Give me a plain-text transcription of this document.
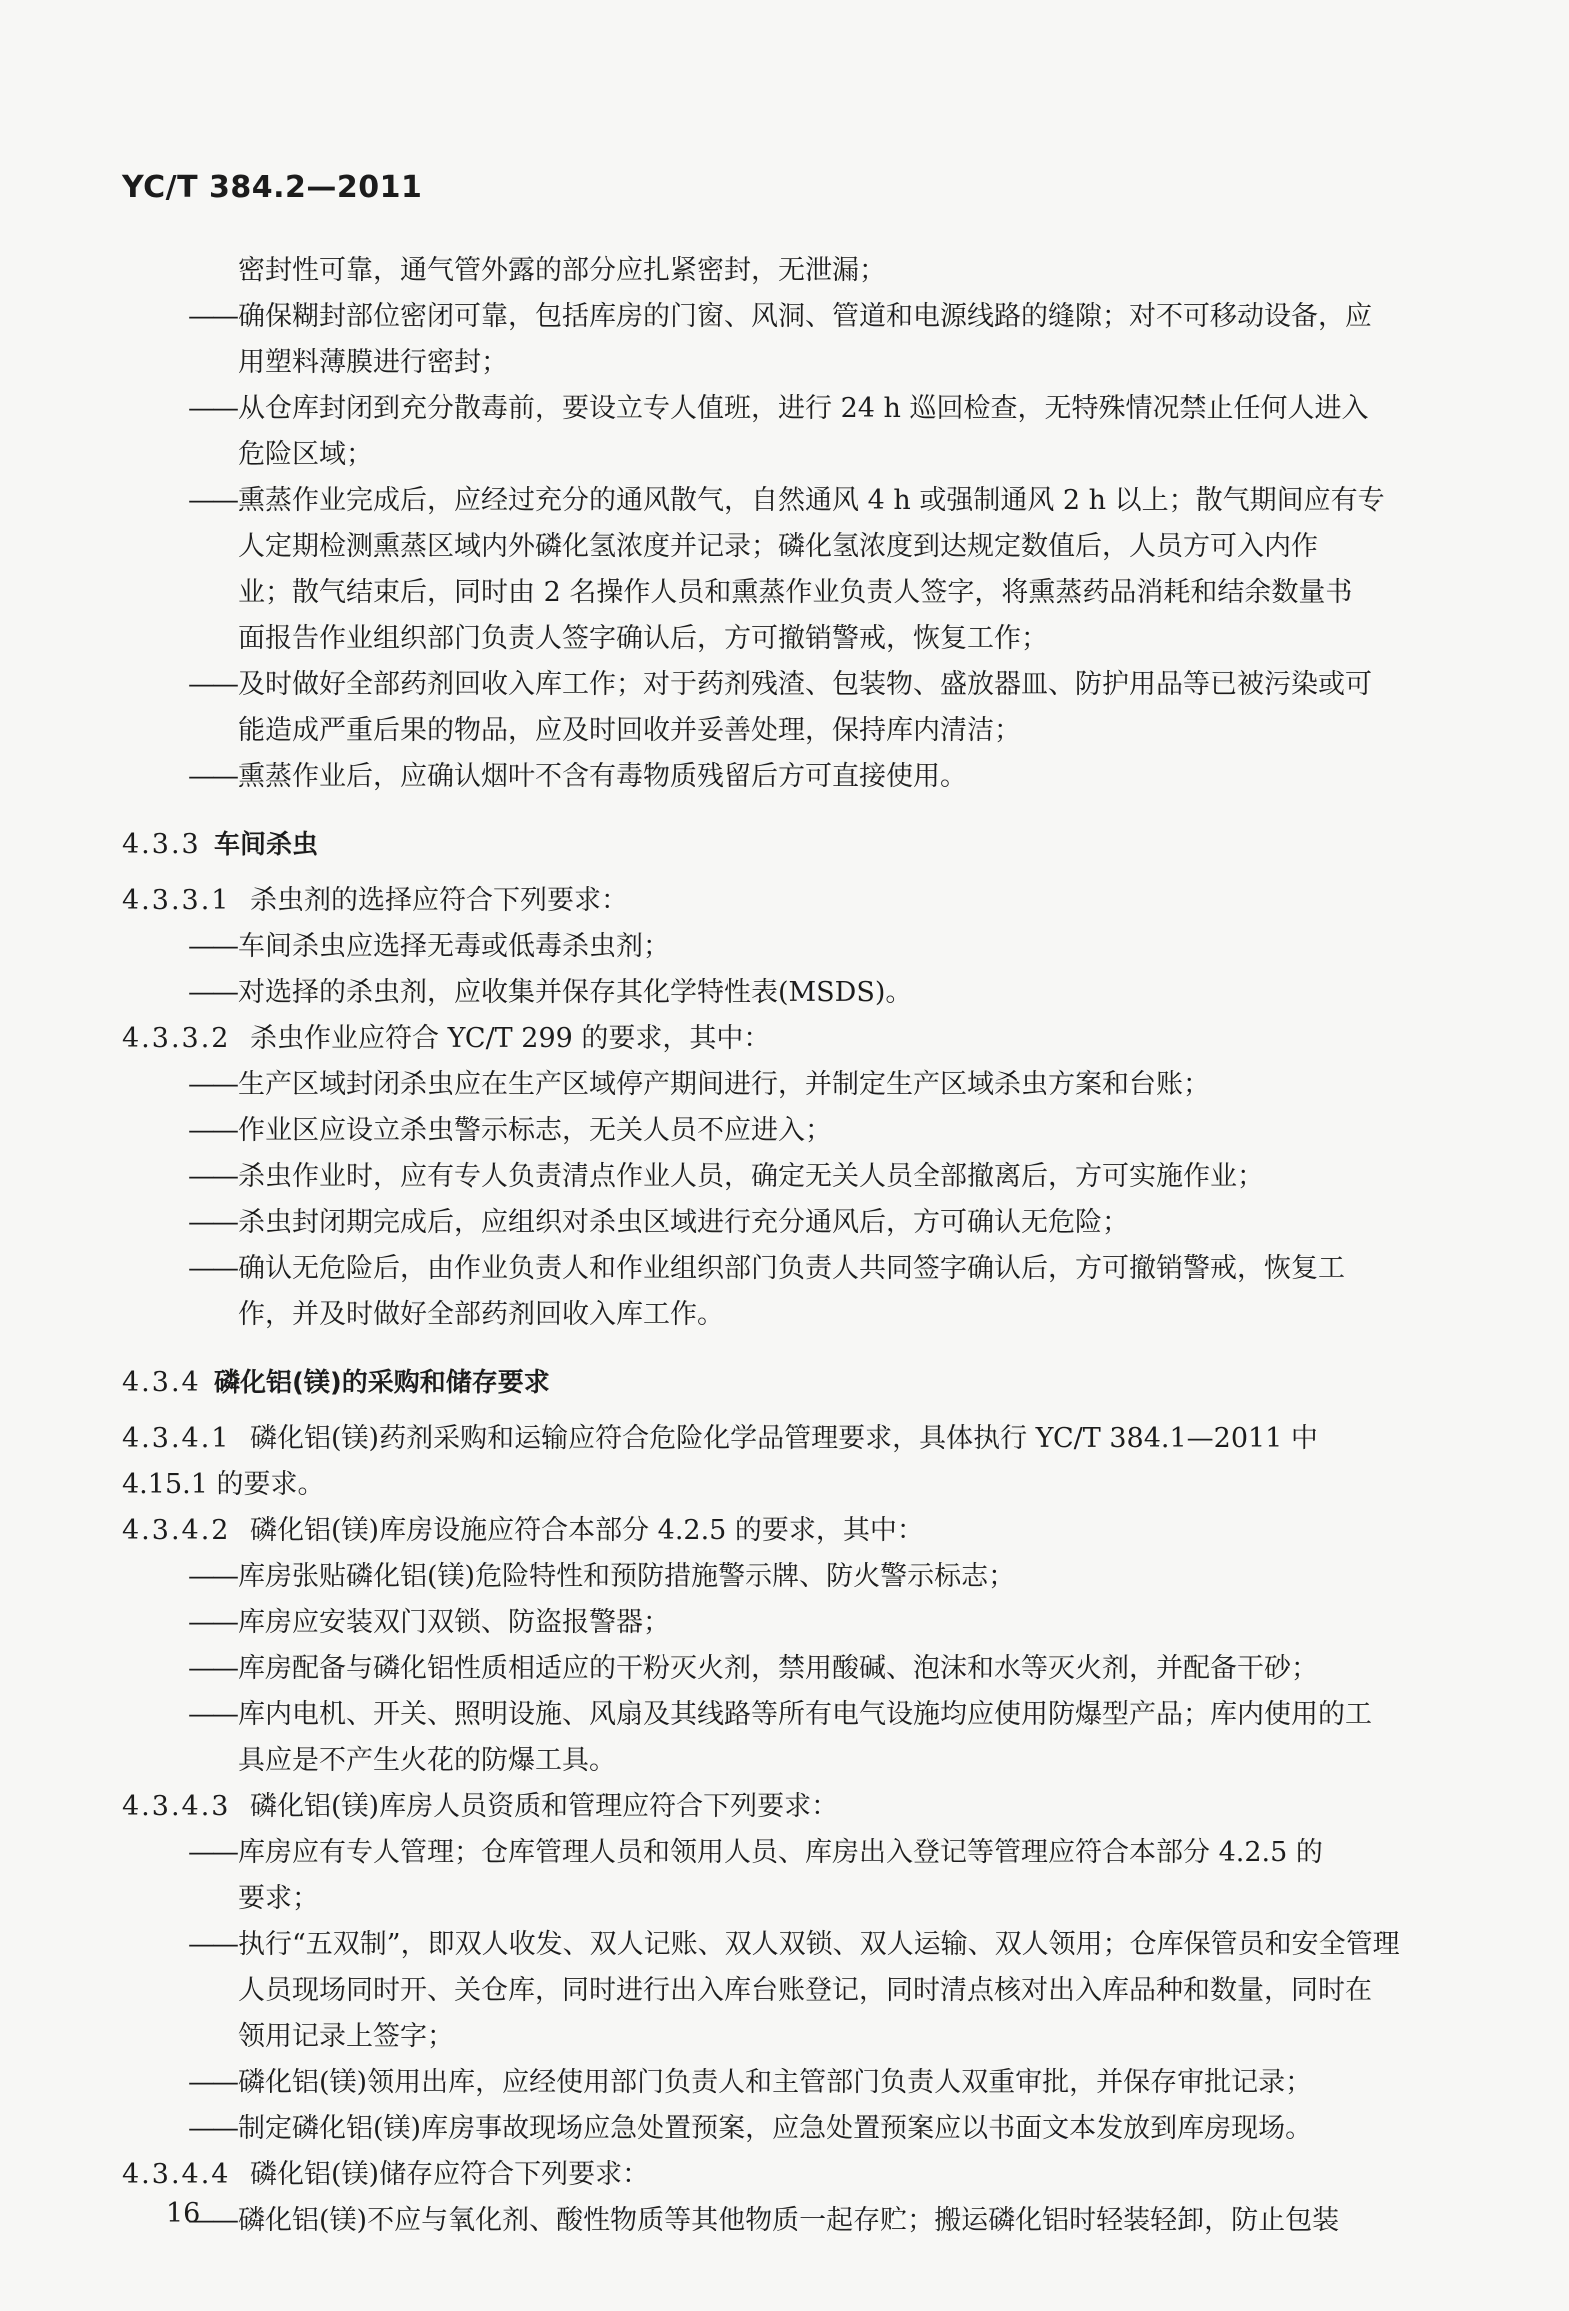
YC/T 384.2—2011
密封性可靠，通气管外露的部分应扎紧密封，无泄漏；
——确保糊封部位密闭可靠，包括库房的门窗、风洞、管道和电源线路的缝隙；对不可移动设备，应
用塑料薄膜进行密封；
——从仓库封闭到充分散毒前，要设立专人值班，进行 24 h 巡回检查，无特殊情况禁止任何人进入
危险区域；
——熏蒸作业完成后，应经过充分的通风散气，自然通风 4 h 或强制通风 2 h 以上；散气期间应有专
人定期检测熏蒸区域内外磷化氢浓度并记录；磷化氢浓度到达规定数值后，人员方可入内作
业；散气结束后，同时由 2 名操作人员和熏蒸作业负责人签字，将熏蒸药品消耗和结余数量书
面报告作业组织部门负责人签字确认后，方可撤销警戒，恢复工作；
——及时做好全部药剂回收入库工作；对于药剂残渣、包装物、盛放器皿、防护用品等已被污染或可
能造成严重后果的物品，应及时回收并妥善处理，保持库内清洁；
——熏蒸作业后，应确认烟叶不含有毒物质残留后方可直接使用。
4.3.3 车间杀虫
4.3.3.1 杀虫剂的选择应符合下列要求：
——车间杀虫应选择无毒或低毒杀虫剂；
——对选择的杀虫剂，应收集并保存其化学特性表(MSDS)。
4.3.3.2 杀虫作业应符合 YC/T 299 的要求，其中：
——生产区域封闭杀虫应在生产区域停产期间进行，并制定生产区域杀虫方案和台账；
——作业区应设立杀虫警示标志，无关人员不应进入；
——杀虫作业时，应有专人负责清点作业人员，确定无关人员全部撤离后，方可实施作业；
——杀虫封闭期完成后，应组织对杀虫区域进行充分通风后，方可确认无危险；
——确认无危险后，由作业负责人和作业组织部门负责人共同签字确认后，方可撤销警戒，恢复工
作，并及时做好全部药剂回收入库工作。
4.3.4 磷化铝(镁)的采购和储存要求
4.3.4.1 磷化铝(镁)药剂采购和运输应符合危险化学品管理要求，具体执行 YC/T 384.1—2011 中
4.15.1 的要求。
4.3.4.2 磷化铝(镁)库房设施应符合本部分 4.2.5 的要求，其中：
——库房张贴磷化铝(镁)危险特性和预防措施警示牌、防火警示标志；
——库房应安装双门双锁、防盗报警器；
——库房配备与磷化铝性质相适应的干粉灭火剂，禁用酸碱、泡沫和水等灭火剂，并配备干砂；
——库内电机、开关、照明设施、风扇及其线路等所有电气设施均应使用防爆型产品；库内使用的工
具应是不产生火花的防爆工具。
4.3.4.3 磷化铝(镁)库房人员资质和管理应符合下列要求：
——库房应有专人管理；仓库管理人员和领用人员、库房出入登记等管理应符合本部分 4.2.5 的
要求；
——执行“五双制”，即双人收发、双人记账、双人双锁、双人运输、双人领用；仓库保管员和安全管理
人员现场同时开、关仓库，同时进行出入库台账登记，同时清点核对出入库品种和数量，同时在
领用记录上签字；
——磷化铝(镁)领用出库，应经使用部门负责人和主管部门负责人双重审批，并保存审批记录；
——制定磷化铝(镁)库房事故现场应急处置预案，应急处置预案应以书面文本发放到库房现场。
4.3.4.4 磷化铝(镁)储存应符合下列要求：
——磷化铝(镁)不应与氧化剂、酸性物质等其他物质一起存贮；搬运磷化铝时轻装轻卸，防止包装
16
